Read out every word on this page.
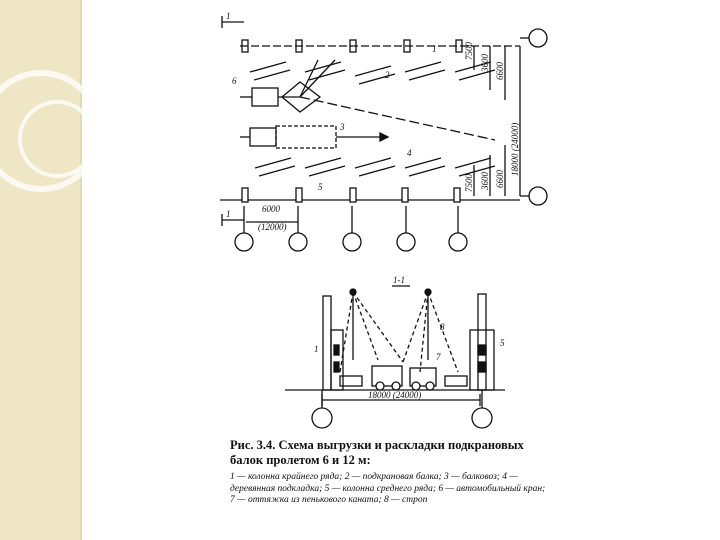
1
1	6000
(12000)
1
2
6
3
4
5
7500
3600 6600
7500 3600 6600
18000 (24000)
1-1
18000 (24000)
1
5
8
7
Рис. 3.4. Схема выгрузки и раскладки подкрановых балок пролетом 6 и 12 м:
1 — колонна крайнего ряда; 2 — подкрановая балка; 3 — балковоз; 4 — деревянная подкладка; 5 — колонна среднего ряда; 6 — автомобильный кран; 7 — оттяжка из пенькового каната; 8 — строп
